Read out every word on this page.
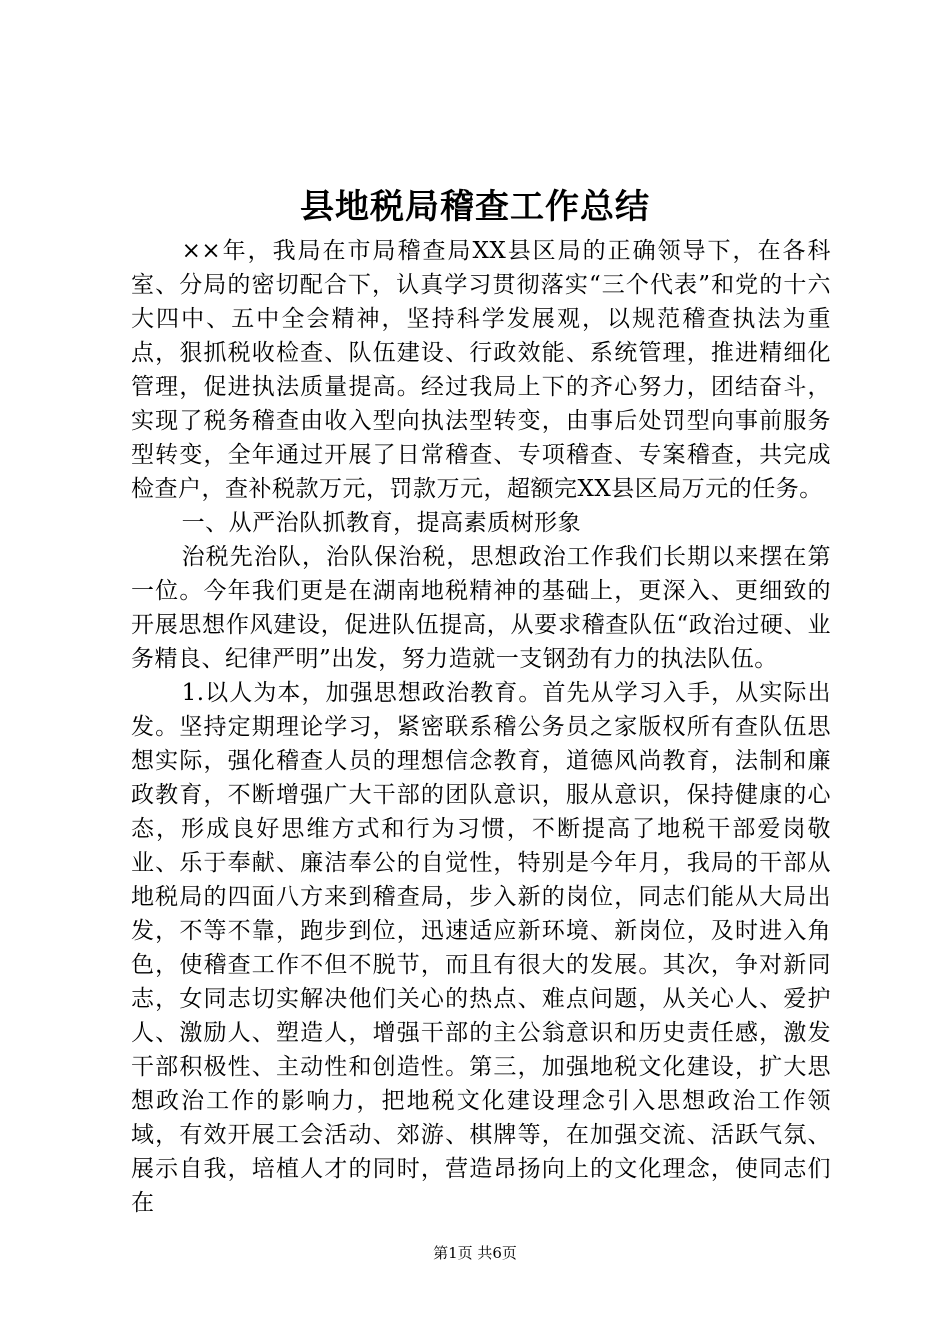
县地税局稽查工作总结

××年，我局在市局稽查局XX县区局的正确领导下，在各科室、分局的密切配合下，认真学习贯彻落实“三个代表”和党的十六大四中、五中全会精神，坚持科学发展观，以规范稽查执法为重点，狠抓税收检查、队伍建设、行政效能、系统管理，推进精细化管理，促进执法质量提高。经过我局上下的齐心努力，团结奋斗，实现了税务稽查由收入型向执法型转变，由事后处罚型向事前服务型转变，全年通过开展了日常稽查、专项稽查、专案稽查，共完成检查户，查补税款万元，罚款万元，超额完XX县区局万元的任务。

一、从严治队抓教育，提高素质树形象

治税先治队，治队保治税，思想政治工作我们长期以来摆在第一位。今年我们更是在湖南地税精神的基础上，更深入、更细致的开展思想作风建设，促进队伍提高，从要求稽查队伍“政治过硬、业务精良、纪律严明”出发，努力造就一支钢劲有力的执法队伍。

1.以人为本，加强思想政治教育。首先从学习入手，从实际出发。坚持定期理论学习，紧密联系稽公务员之家版权所有查队伍思想实际，强化稽查人员的理想信念教育，道德风尚教育，法制和廉政教育，不断增强广大干部的团队意识，服从意识，保持健康的心态，形成良好思维方式和行为习惯，不断提高了地税干部爱岗敬业、乐于奉献、廉洁奉公的自觉性，特别是今年月，我局的干部从地税局的四面八方来到稽查局，步入新的岗位，同志们能从大局出发，不等不靠，跑步到位，迅速适应新环境、新岗位，及时进入角色，使稽查工作不但不脱节，而且有很大的发展。其次，争对新同志，女同志切实解决他们关心的热点、难点问题，从关心人、爱护人、激励人、塑造人，增强干部的主公翁意识和历史责任感，激发干部积极性、主动性和创造性。第三，加强地税文化建设，扩大思想政治工作的影响力，把地税文化建设理念引入思想政治工作领域，有效开展工会活动、郊游、棋牌等，在加强交流、活跃气氛、展示自我，培植人才的同时，营造昂扬向上的文化理念，使同志们在

第1页 共6页
